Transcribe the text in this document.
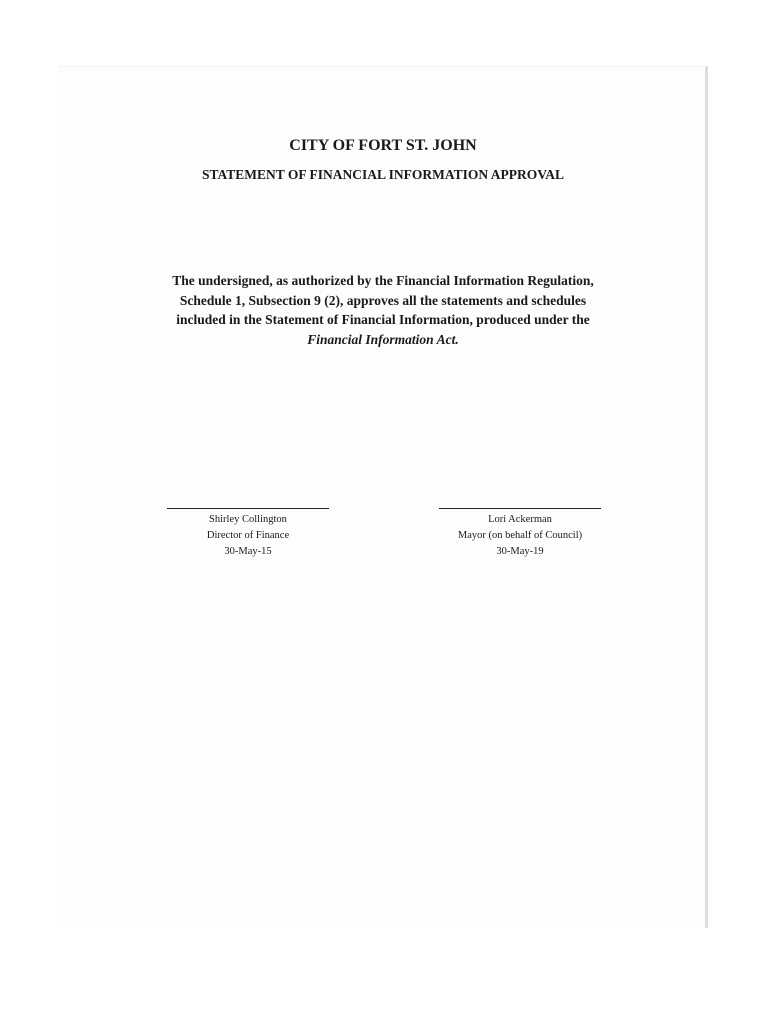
CITY OF FORT ST. JOHN
STATEMENT OF FINANCIAL INFORMATION APPROVAL

The undersigned, as authorized by the Financial Information Regulation, Schedule 1, Subsection 9 (2), approves all the statements and schedules included in the Statement of Financial Information, produced under the Financial Information Act.

Shirley Collington
Director of Finance
30-May-15
Lori Ackerman
Mayor (on behalf of Council)
30-May-19
